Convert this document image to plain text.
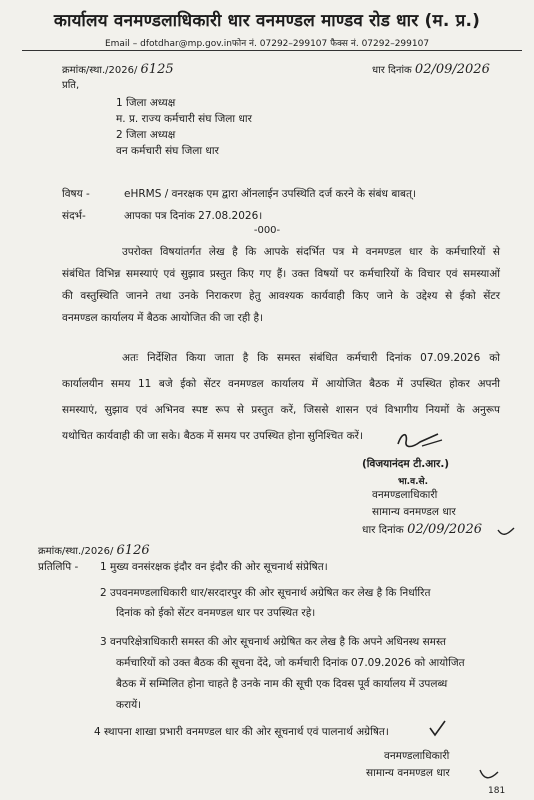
कार्यालय वनमण्डलाधिकारी धार वनमण्डल माण्डव रोड धार (म. प्र.)
Email – dfotdhar@mp.gov.inफोन नं. 07292–299107 फैक्स नं. 07292–299107
क्रमांक/स्था./2026/ 6125	धार दिनांक 02/09/2026
प्रति,
1 जिला अध्यक्ष
म. प्र. राज्य कर्मचारी संघ जिला धार
2 जिला अध्यक्ष
वन कर्मचारी संघ जिला धार
विषय -	eHRMS / वनरक्षक एम द्वारा ऑनलाईन उपस्थिति दर्ज करने के संबंध बाबत्।
संदर्भ-	आपका पत्र दिनांक 27.08.2026।
-000-
उपरोक्त विषयांतर्गत लेख है कि आपके संदर्भित पत्र मे वनमण्डल धार के कर्मचारियों से
संबंधित विभिन्न समस्याएं एवं सुझाव प्रस्तुत किए गए हैं। उक्त विषयों पर कर्मचारियों के विचार एवं समस्याओं
की वस्तुस्थिति जानने तथा उनके निराकरण हेतु आवश्यक कार्यवाही किए जाने के उद्देश्य से ईको सेंटर
वनमण्डल कार्यालय में बैठक आयोजित की जा रही है।
अतः निर्देशित किया जाता है कि समस्त संबंधित कर्मचारी दिनांक 07.09.2026 को
कार्यालयीन समय 11 बजे ईको सेंटर वनमण्डल कार्यालय में आयोजित बैठक में उपस्थित होकर अपनी
समस्याएं, सुझाव एवं अभिनव स्पष्ट रूप से प्रस्तुत करें, जिससे शासन एवं विभागीय नियमों के अनुरूप
यथोचित कार्यवाही की जा सके। बैठक में समय पर उपस्थित होना सुनिश्चित करें।
(विजयानंदम टी.आर.)
भा.व.से.
वनमण्डलाधिकारी
सामान्य वनमण्डल धार
धार दिनांक 02/09/2026
क्रमांक/स्था./2026/ 6126
प्रतिलिपि - 1 मुख्य वनसंरक्षक इंदौर वन इंदौर की ओर सूचनार्थ संप्रेषित।
2 उपवनमण्डलाधिकारी धार/सरदारपुर की ओर सूचनार्थ अग्रेषित कर लेख है कि निर्धारित
दिनांक को ईको सेंटर वनमण्डल धार पर उपस्थित रहे।
3 वनपरिक्षेत्राधिकारी समस्त की ओर सूचनार्थ अग्रेषित कर लेख है कि अपने अधिनस्थ समस्त
कर्मचारियों को उक्त बैठक की सूचना देंदे, जो कर्मचारी दिनांक 07.09.2026 को आयोजित
बैठक में सम्मिलित होना चाहते है उनके नाम की सूची एक दिवस पूर्व कार्यालय में उपलब्ध
करायें।
4 स्थापना शाखा प्रभारी वनमण्डल धार की ओर सूचनार्थ एवं पालनार्थ अग्रेषित।
वनमण्डलाधिकारी
सामान्य वनमण्डल धार
181
